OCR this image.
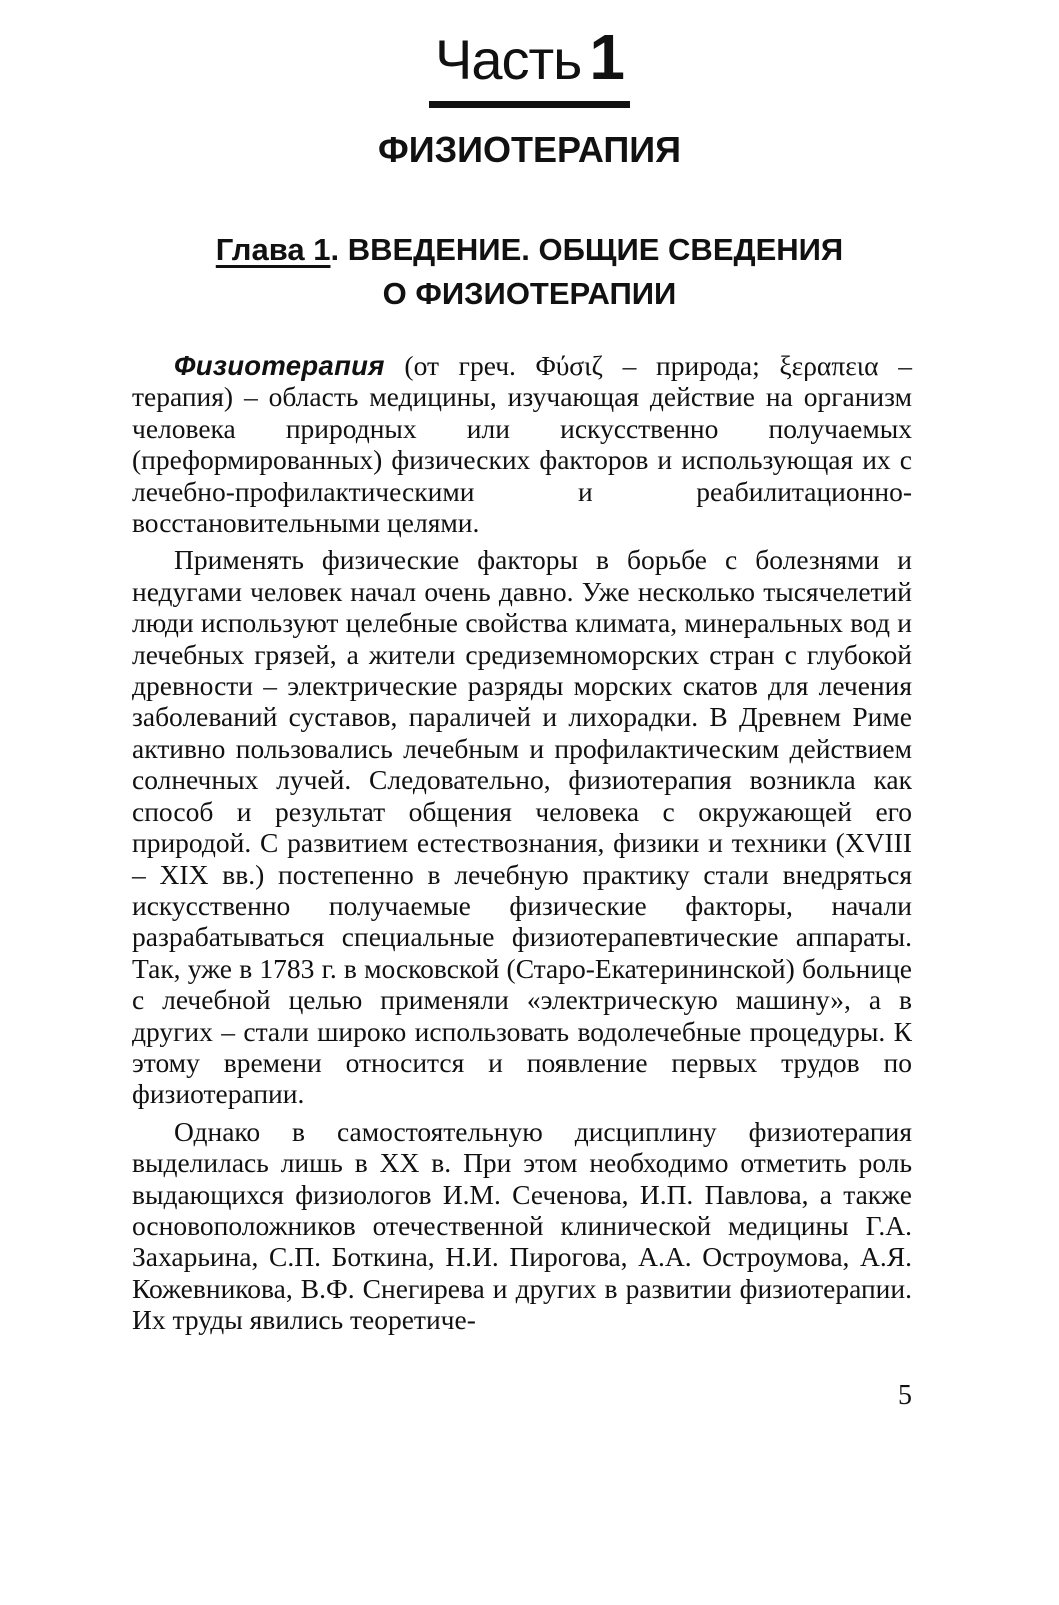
Часть 1
ФИЗИОТЕРАПИЯ
Глава 1. ВВЕДЕНИЕ. ОБЩИЕ СВЕДЕНИЯ
О ФИЗИОТЕРАПИИ

Физиотерапия (от греч. Φύσιζ – природа; ξεραπεια – терапия) – область медицины, изучающая действие на организм человека природных или искусственно получаемых (преформированных) физических факторов и использующая их с лечебно-профилактическими и реабилитационно-восстановительными целями.

Применять физические факторы в борьбе с болезнями и недугами человек начал очень давно. Уже несколько тысячелетий люди используют целебные свойства климата, минеральных вод и лечебных грязей, а жители средиземноморских стран с глубокой древности – электрические разряды морских скатов для лечения заболеваний суставов, параличей и лихорадки. В Древнем Риме активно пользовались лечебным и профилактическим действием солнечных лучей. Следовательно, физиотерапия возникла как способ и результат общения человека с окружающей его природой. С развитием естествознания, физики и техники (XVIII – XIX вв.) постепенно в лечебную практику стали внедряться искусственно получаемые физические факторы, начали разрабатываться специальные физиотерапевтические аппараты. Так, уже в 1783 г. в московской (Старо-Екатерининской) больнице с лечебной целью применяли «электрическую машину», а в других – стали широко использовать водолечебные процедуры. К этому времени относится и появление первых трудов по физиотерапии.

Однако в самостоятельную дисциплину физиотерапия выделилась лишь в XX в. При этом необходимо отметить роль выдающихся физиологов И.М. Сеченова, И.П. Павлова, а также основоположников отечественной клинической медицины Г.А. Захарьина, С.П. Боткина, Н.И. Пирогова, А.А. Остроумова, А.Я. Кожевникова, В.Ф. Снегирева и других в развитии физиотерапии. Их труды явились теоретиче-

5
